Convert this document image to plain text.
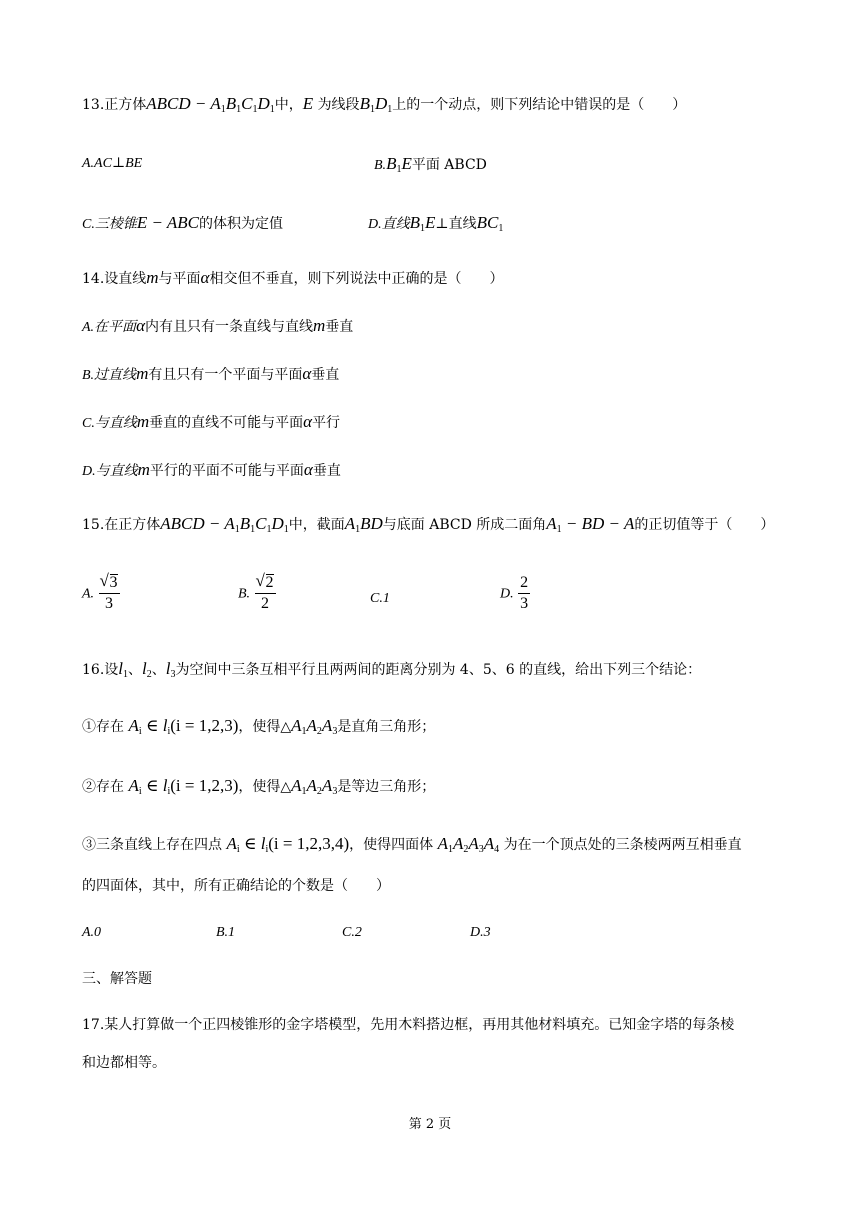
13.正方体ABCD − $A_1B_1C_1D_1$中，E 为线段$B_1D_1$上的一个动点，则下列结论中错误的是（　　）
A.AC⊥BE	$B.B_1E$平面 ABCD
C.三棱锥E − ABC的体积为定值	D.直线$B_1E\perp$直线$BC_1$
14.设直线m与平面α相交但不垂直，则下列说法中正确的是（　　）
A.在平面α内有且只有一条直线与直线m垂直
B.过直线m有且只有一个平面与平面α垂直
C.与直线m垂直的直线不可能与平面α平行
D.与直线m平行的平面不可能与平面α垂直
15.在正方体ABCD − $A_1B_1C_1D_1$中，截面$A_1BD$与底面 ABCD 所成二面角$A_1$ − BD − A的正切值等于（　　）
A. √ $\frac{3}{3}$	B. √ $\frac{2}{2}$	C.1	D. $\frac{2}{3}$
16.设$l_1$、$l_2$、$l_3$为空间中三条互相平行且两两间的距离分别为 4、5、6 的直线，给出下列三个结论：
①存在 $A_i$ ∈ $l_i(i = 1,2,3)$，使得$\triangle A_1A_2A_3$是直角三角形；
②存在 $A_i$ ∈ $l_i(i = 1,2,3)$，使得$\triangle A_1A_2A_3$是等边三角形；
③三条直线上存在四点 $A_i$ ∈ $l_i(i = 1,2,3,4)$，使得四面体 $A_1A_2A_3A_4$ 为在一个顶点处的三条棱两两互相垂直
的四面体，其中，所有正确结论的个数是（　　）
A.0	B.1	C.2	D.3
三、解答题
17.某人打算做一个正四棱锥形的金字塔模型，先用木料搭边框，再用其他材料填充。已知金字塔的每条棱
和边都相等。
第 2 页
